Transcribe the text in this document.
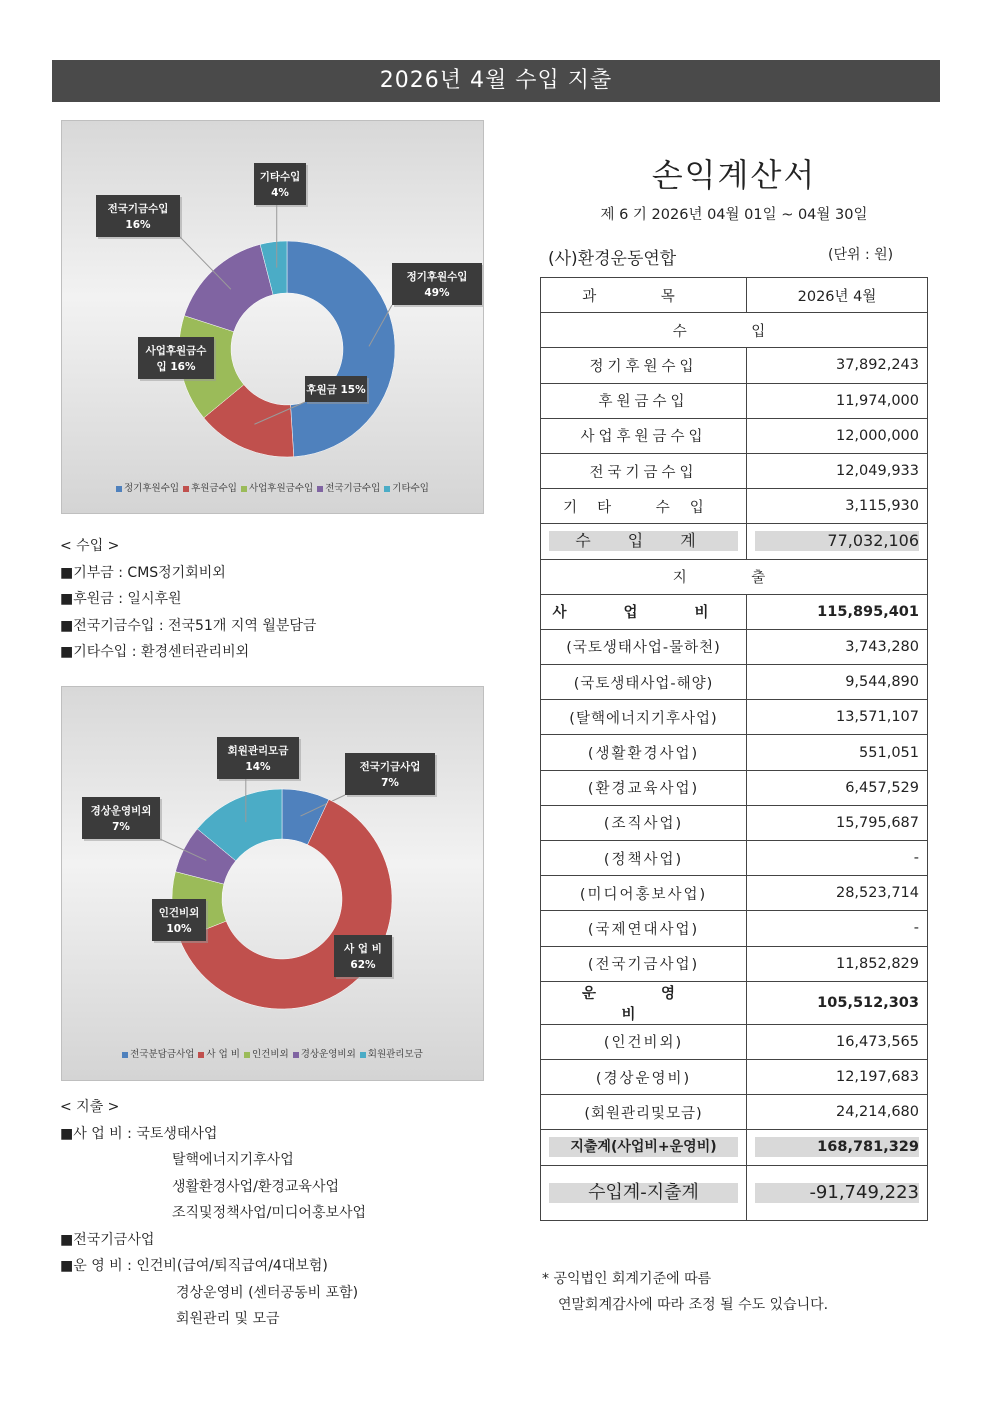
2026년 4월 수입 지출
정기후원수입
49%
후원금 15%
사업후원금수
입 16%
전국기금수입
16%
기타수입
4%
정기후원수입 후원금수입 사업후원금수입 전국기금수입 기타수입
< 수입 >
■기부금 : CMS정기회비외
■후원금 : 일시후원
■전국기금수입 : 전국51개 지역 월분담금
■기타수입 : 환경센터관리비외
전국기금사업
7%
사 업 비
62%
인건비외
10%
경상운영비외
7%
회원관리모금
14%
전국분담금사업 사 업 비 인건비외 경상운영비외 회원관리모금
< 지출 >
■사 업 비 : 국토생태사업
탈핵에너지기후사업
생활환경사업/환경교육사업
조직및정책사업/미디어홍보사업
■전국기금사업
■운 영 비 : 인건비(급여/퇴직급여/4대보험)
경상운영비 (센터공동비 포함)
회원관리 및 모금
손익계산서
제 6 기 2026년 04월 01일 ~ 04월 30일
(사)환경운동연합	(단위 : 원)
과 목	2026년 4월
수 입	
정기후원수입	37,892,243
후원금수입	11,974,000
사업후원금수입	12,000,000
전국기금수입	12,049,933
기타 수입	3,115,930

수 입 계	77,032,106

지 출	
사 업 비	115,895,401
(국토생태사업-물하천)	3,743,280
(국토생태사업-해양)	9,544,890
(탈핵에너지기후사업)	13,571,107
(생활환경사업)	551,051
(환경교육사업)	6,457,529
(조직사업)	15,795,687
(정책사업)	-
(미디어홍보사업)	28,523,714
(국제연대사업)	-
(전국기금사업)	11,852,829
운 영 비	105,512,303
(인건비외)	16,473,565
(경상운영비)	12,197,683
(회원관리및모금)	24,214,680

지출계(사업비+운영비)	168,781,329

수입계-지출계	-91,749,223
* 공익법인 회계기준에 따름
연말회계감사에 따라 조정 될 수도 있습니다.
